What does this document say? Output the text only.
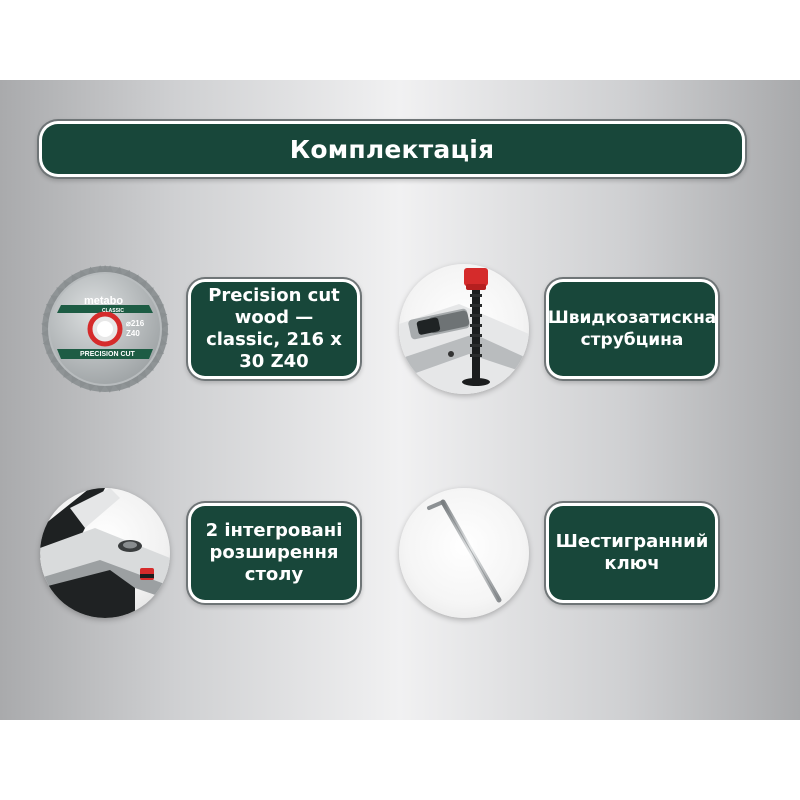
Комплектація
metabo
CLASSIC
⌀216
Z40
PRECISION CUT
Precision cut wood — classic, 216 x 30 Z40
Швидкозатискна струбцина
2 інтегровані розширення столу
Шестигранний ключ
